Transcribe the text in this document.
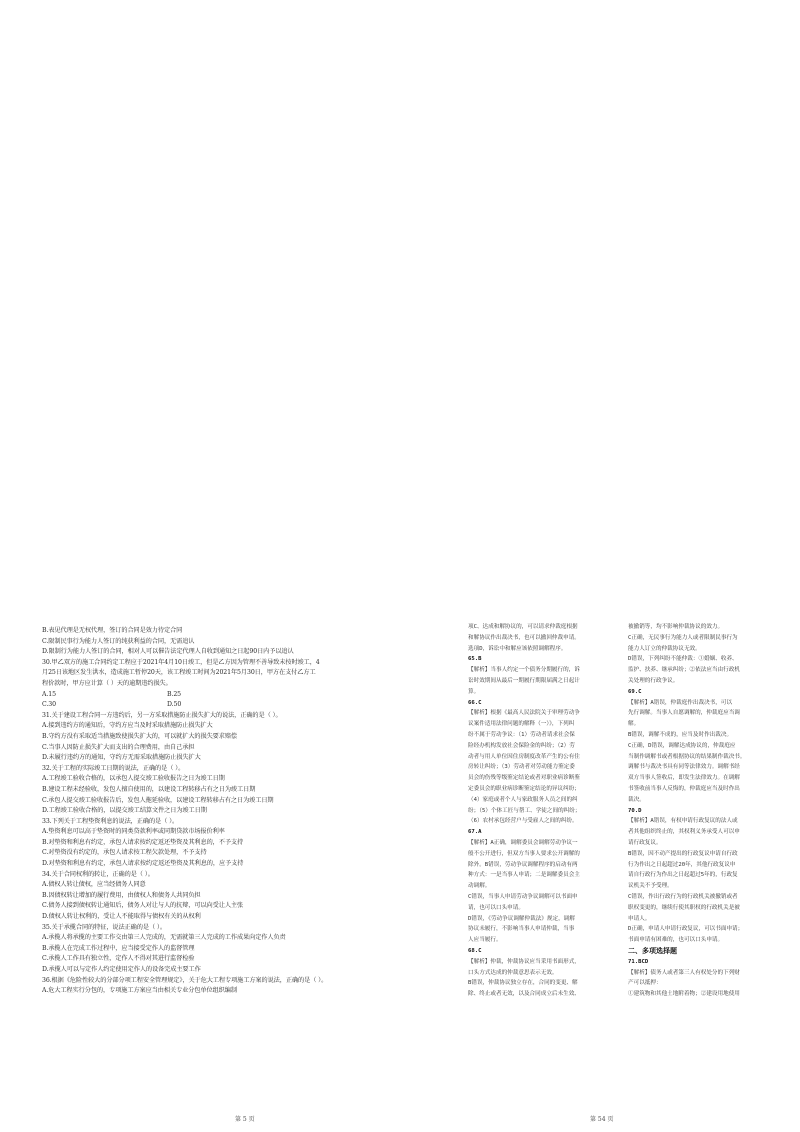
B.表见代理是无权代理，签订的合同是效力待定合同

C.限制民事行为能力人签订的纯获利益的合同，无需追认

D.限制行为能力人签订的合同，相对人可以催告法定代理人自收到通知之日起90日内予以追认

30.甲乙双方的施工合同约定工程应于2021年4月10日竣工，但是乙方因为管理不善导致未按时竣工，4

月25日该地区发生洪水，造成施工暂停20天，该工程竣工时间为2021年5月30日，甲方在支付乙方工

程价款时，甲方应计算（ ）天的逾期违约损失。

A.15	B.25

C.30	D.50

31.关于建设工程合同一方违约后，另一方采取措施防止损失扩大的说法，正确的是（ ）。

A.接到违约方的通知后，守约方应当及时采取措施防止损失扩大

B.守约方没有采取适当措施致使损失扩大的，可以就扩大的损失要求赔偿

C.当事人因防止损失扩大而支出的合理费用，由自己承担

D.未履行违约方的通知，守约方无需采取措施防止损失扩大

32.关于工程的实际竣工日期的说法，正确的是（ ）。

A.工程竣工验收合格的，以承包人提交竣工验收报告之日为竣工日期

B.建设工程未经验收，发包人擅自使用的，以建设工程转移占有之日为竣工日期

C.承包人提交竣工验收报告后，发包人拖延验收，以建设工程转移占有之日为竣工日期

D.工程竣工验收合格的，以提交竣工结算文件之日为竣工日期

33.下列关于工程垫资利息的说法，正确的是（ ）。

A.垫资利息可以高于垫资时的同类贷款利率或同期贷款市场报价利率

B.对垫资和利息有约定，承包人请求按约定返还垫资及其利息的，不予支持

C.对垫资没有约定的，承包人请求按工程欠款处理，不予支持

D.对垫资和利息有约定，承包人请求按约定返还垫资及其利息的，应予支持

34.关于合同权利的转让，正确的是（ ）。

A.债权人转让债权，应当经债务人同意

B.因债权转让增加的履行费用，由债权人和债务人共同负担

C.债务人接到债权转让通知后，债务人对让与人的抗辩，可以向受让人主张

D.债权人转让权利的，受让人不能取得与债权有关的从权利

35.关于承揽合同的特征，说法正确的是（ ）。

A.承揽人将承揽的主要工作交由第三人完成的，无需就第三人完成的工作成果向定作人负责

B.承揽人在完成工作过程中，应当接受定作人的监督管理

C.承揽人工作具有独立性，定作人不得对其进行监督检验

D.承揽人可以与定作人约定使用定作人的设备完成主要工作

36.根据《危险性较大的分部分项工程安全管理规定》，关于危大工程专项施工方案的说法，正确的是（ ）。

A.危大工程实行分包的，专项施工方案应当由相关专业分包单位组织编制

第 5 页

项C、达成和解协议的，可以请求仲裁庭根据

和解协议作出裁决书，也可以撤回仲裁申请。

选项D，诉讼中和解应该依照调解程序。

65.B

【解析】当事人约定一个债务分期履行的，诉

讼时效期间从最后一期履行期限届满之日起计

算。

66.C

【解析】根据《最高人民法院关于审理劳动争

议案件适用法律问题的解释（一）》，下列纠

纷不属于劳动争议：（1）劳动者请求社会保

险经办机构发放社会保险金的纠纷；（2）劳

动者与用人单位因住房制度改革产生的公有住

房转让纠纷；（3）劳动者对劳动能力鉴定委

员会的伤残等级鉴定结论或者对职业病诊断鉴

定委员会的职业病诊断鉴定结论的异议纠纷；

（4）家庭或者个人与家政服务人员之间的纠

纷；（5）个体工匠与帮工、学徒之间的纠纷；

（6）农村承包经营户与受雇人之间的纠纷。

67.A

【解析】A正确，调解委员会调解劳动争议一

般不公开进行，但双方当事人要求公开调解的

除外。B错误，劳动争议调解程序的启动有两

种方式：一是当事人申请；二是调解委员会主

动调解。

C错误，当事人申请劳动争议调解可以书面申

请，也可以口头申请。

D错误，《劳动争议调解仲裁法》规定，调解

协议未履行，不影响当事人申请仲裁，当事

人应当履行。

68.C

【解析】仲裁，仲裁协议应当采用书面形式，

口头方式达成的仲裁意思表示无效。

B错误，仲裁协议独立存在，合同的变更、解

除、终止或者无效，以及合同成立后未生效、

被撤销等，均不影响仲裁协议的效力。

C正确，无民事行为能力人或者限制民事行为

能力人订立的仲裁协议无效。

D错误，下列纠纷不能仲裁：①婚姻、收养、

监护、扶养、继承纠纷；②依法应当由行政机

关处理的行政争议。

69.C

【解析】A错误，仲裁庭作出裁决书，可以

先行调解。当事人自愿调解的，仲裁庭应当调

解。

B错误，调解不成的，应当及时作出裁决。

C正确，D错误，调解达成协议的，仲裁庭应

当制作调解书或者根据协议的结果制作裁决书。

调解书与裁决书具有同等法律效力。调解书经

双方当事人签收后，即发生法律效力。在调解

书签收前当事人反悔的，仲裁庭应当及时作出

裁决。

70.D

【解析】A错误，有权申请行政复议的法人或

者其他组织终止的，其权利义务承受人可以申

请行政复议。

B错误，因不动产提出的行政复议申请自行政

行为作出之日起超过20年，其他行政复议申

请自行政行为作出之日起超过5年的，行政复

议机关不予受理。

C错误，作出行政行为的行政机关被撤销或者

职权变更的，继续行使其职权的行政机关是被

申请人。

D正确，申请人申请行政复议，可以书面申请；

书面申请有困难的，也可以口头申请。

二、多项选择题

71.BCD

【解析】债务人或者第三人有权处分的下列财

产可以抵押：

①建筑物和其他土地附着物；②建设用地使用

第 54 页
